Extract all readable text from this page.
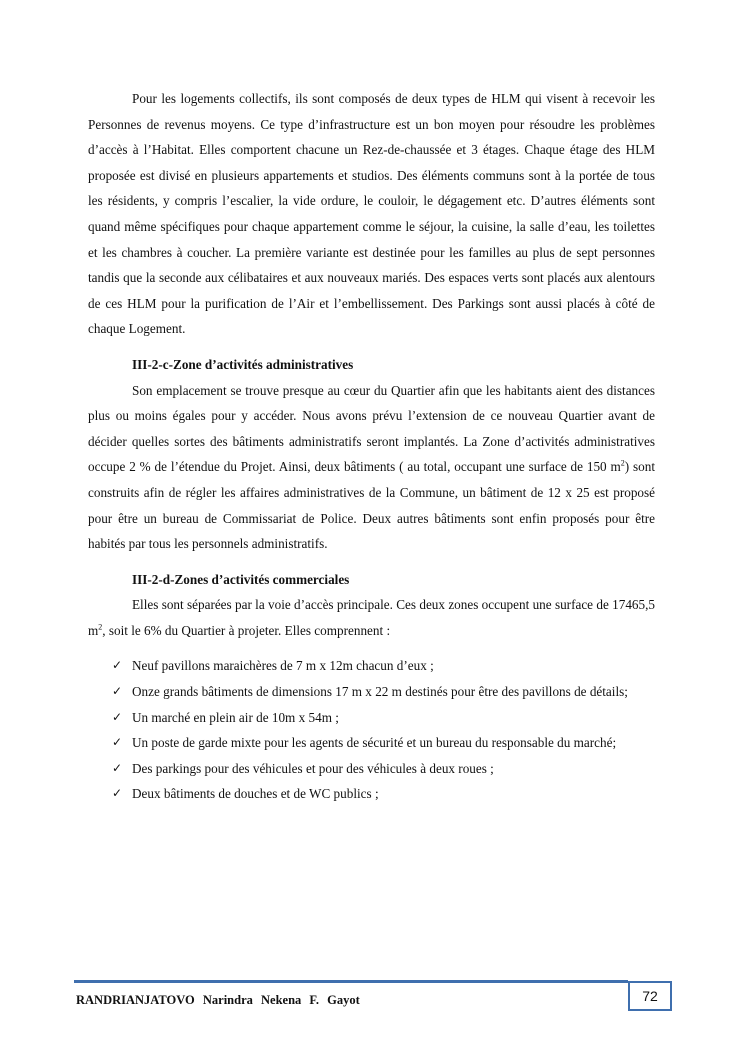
Pour les logements collectifs, ils sont composés de deux types de HLM qui visent à recevoir les Personnes de revenus moyens. Ce type d’infrastructure est un bon moyen pour résoudre les problèmes d’accès à l’Habitat. Elles comportent chacune un Rez-de-chaussée et 3 étages. Chaque étage des HLM proposée est divisé en plusieurs appartements et studios. Des éléments communs sont à la portée de tous les résidents, y compris l’escalier, la vide ordure, le couloir, le dégagement etc. D’autres éléments sont quand même spécifiques pour chaque appartement comme le séjour, la cuisine, la salle d’eau, les toilettes et les chambres à coucher. La première variante est destinée pour les familles au plus de sept personnes tandis que la seconde aux célibataires et aux nouveaux mariés. Des espaces verts sont placés aux alentours de ces HLM pour la purification de l’Air et l’embellissement. Des Parkings sont aussi placés à côté de chaque Logement.

III-2-c-Zone d’activités administratives

Son emplacement se trouve presque au cœur du Quartier afin que les habitants aient des distances plus ou moins égales pour y accéder. Nous avons prévu l’extension de ce nouveau Quartier avant de décider quelles sortes des bâtiments administratifs seront implantés. La Zone d’activités administratives occupe 2 % de l’étendue du Projet. Ainsi, deux bâtiments ( au total, occupant une surface de 150 $m^2$) sont construits afin de régler les affaires administratives de la Commune, un bâtiment de 12 x 25 est proposé pour être un bureau de Commissariat de Police. Deux autres bâtiments sont enfin proposés pour être habités par tous les personnels administratifs.

III-2-d-Zones d’activités commerciales

Elles sont séparées par la voie d’accès principale. Ces deux zones occupent une surface de 17465,5 $m^2$, soit le 6% du Quartier à projeter. Elles comprennent :

✓ Neuf pavillons maraichères de 7 m x 12m chacun d’eux ;
✓ Onze grands bâtiments de dimensions 17 m x 22 m destinés pour être des pavillons de détails;
✓ Un marché en plein air de 10m x 54m ;
✓ Un poste de garde mixte pour les agents de sécurité et un bureau du responsable du marché;
✓ Des parkings pour des véhicules et pour des véhicules à deux roues ;
✓ Deux bâtiments de douches et de WC publics ;
72
RANDRIANJATOVO Narindra Nekena F. Gayot
